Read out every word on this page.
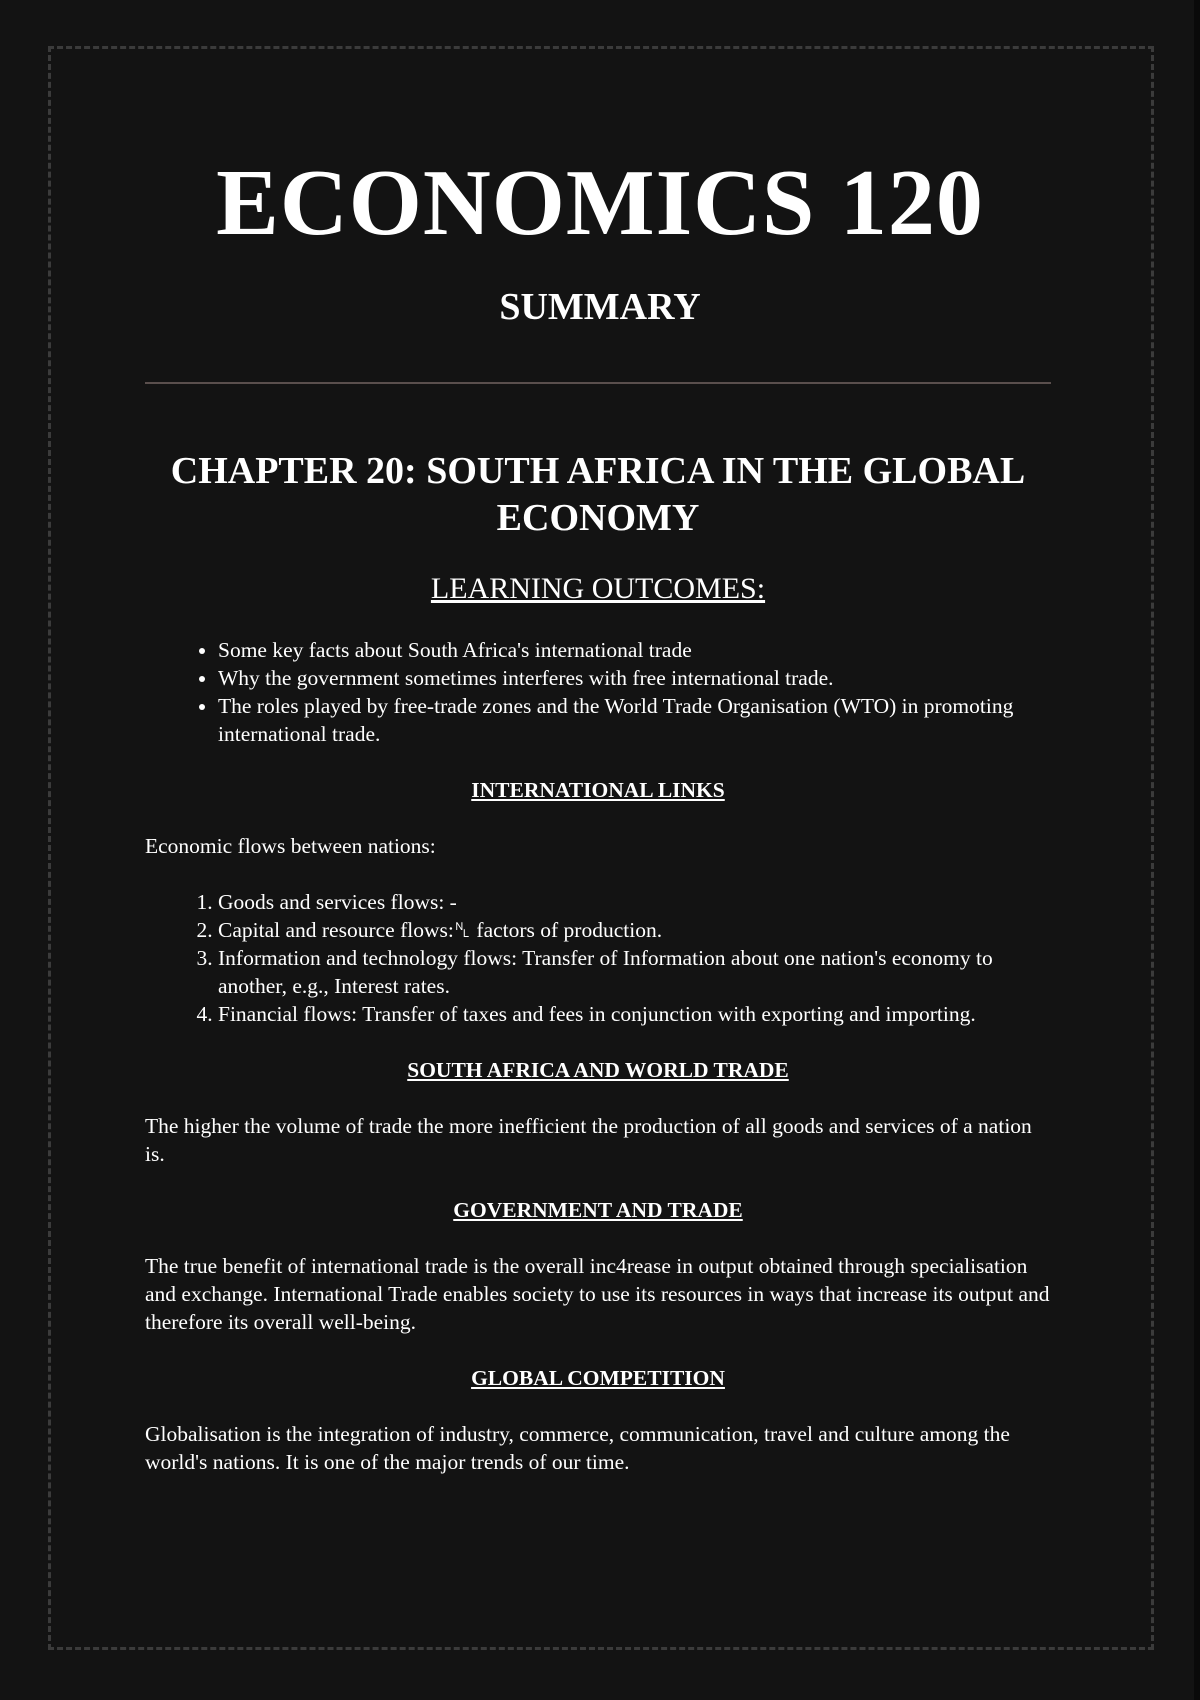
ECONOMICS 120
SUMMARY
CHAPTER 20: SOUTH AFRICA IN THE GLOBAL ECONOMY
LEARNING OUTCOMES:
• Some key facts about South Africa's international trade
• Why the government sometimes interferes with free international trade.
• The roles played by free-trade zones and the World Trade Organisation (WTO) in promoting international trade.
INTERNATIONAL LINKS

Economic flows between nations:

1. Goods and services flows: -
2. Capital and resource flows:␤ factors of production.
3. Information and technology flows: Transfer of Information about one nation's economy to another, e.g., Interest rates.
4. Financial flows: Transfer of taxes and fees in conjunction with exporting and importing.
SOUTH AFRICA AND WORLD TRADE

The higher the volume of trade the more inefficient the production of all goods and services of a nation is.

GOVERNMENT AND TRADE

The true benefit of international trade is the overall inc4rease in output obtained through specialisation and exchange. International Trade enables society to use its resources in ways that increase its output and therefore its overall well-being.

GLOBAL COMPETITION

Globalisation is the integration of industry, commerce, communication, travel and culture among the world's nations. It is one of the major trends of our time.
